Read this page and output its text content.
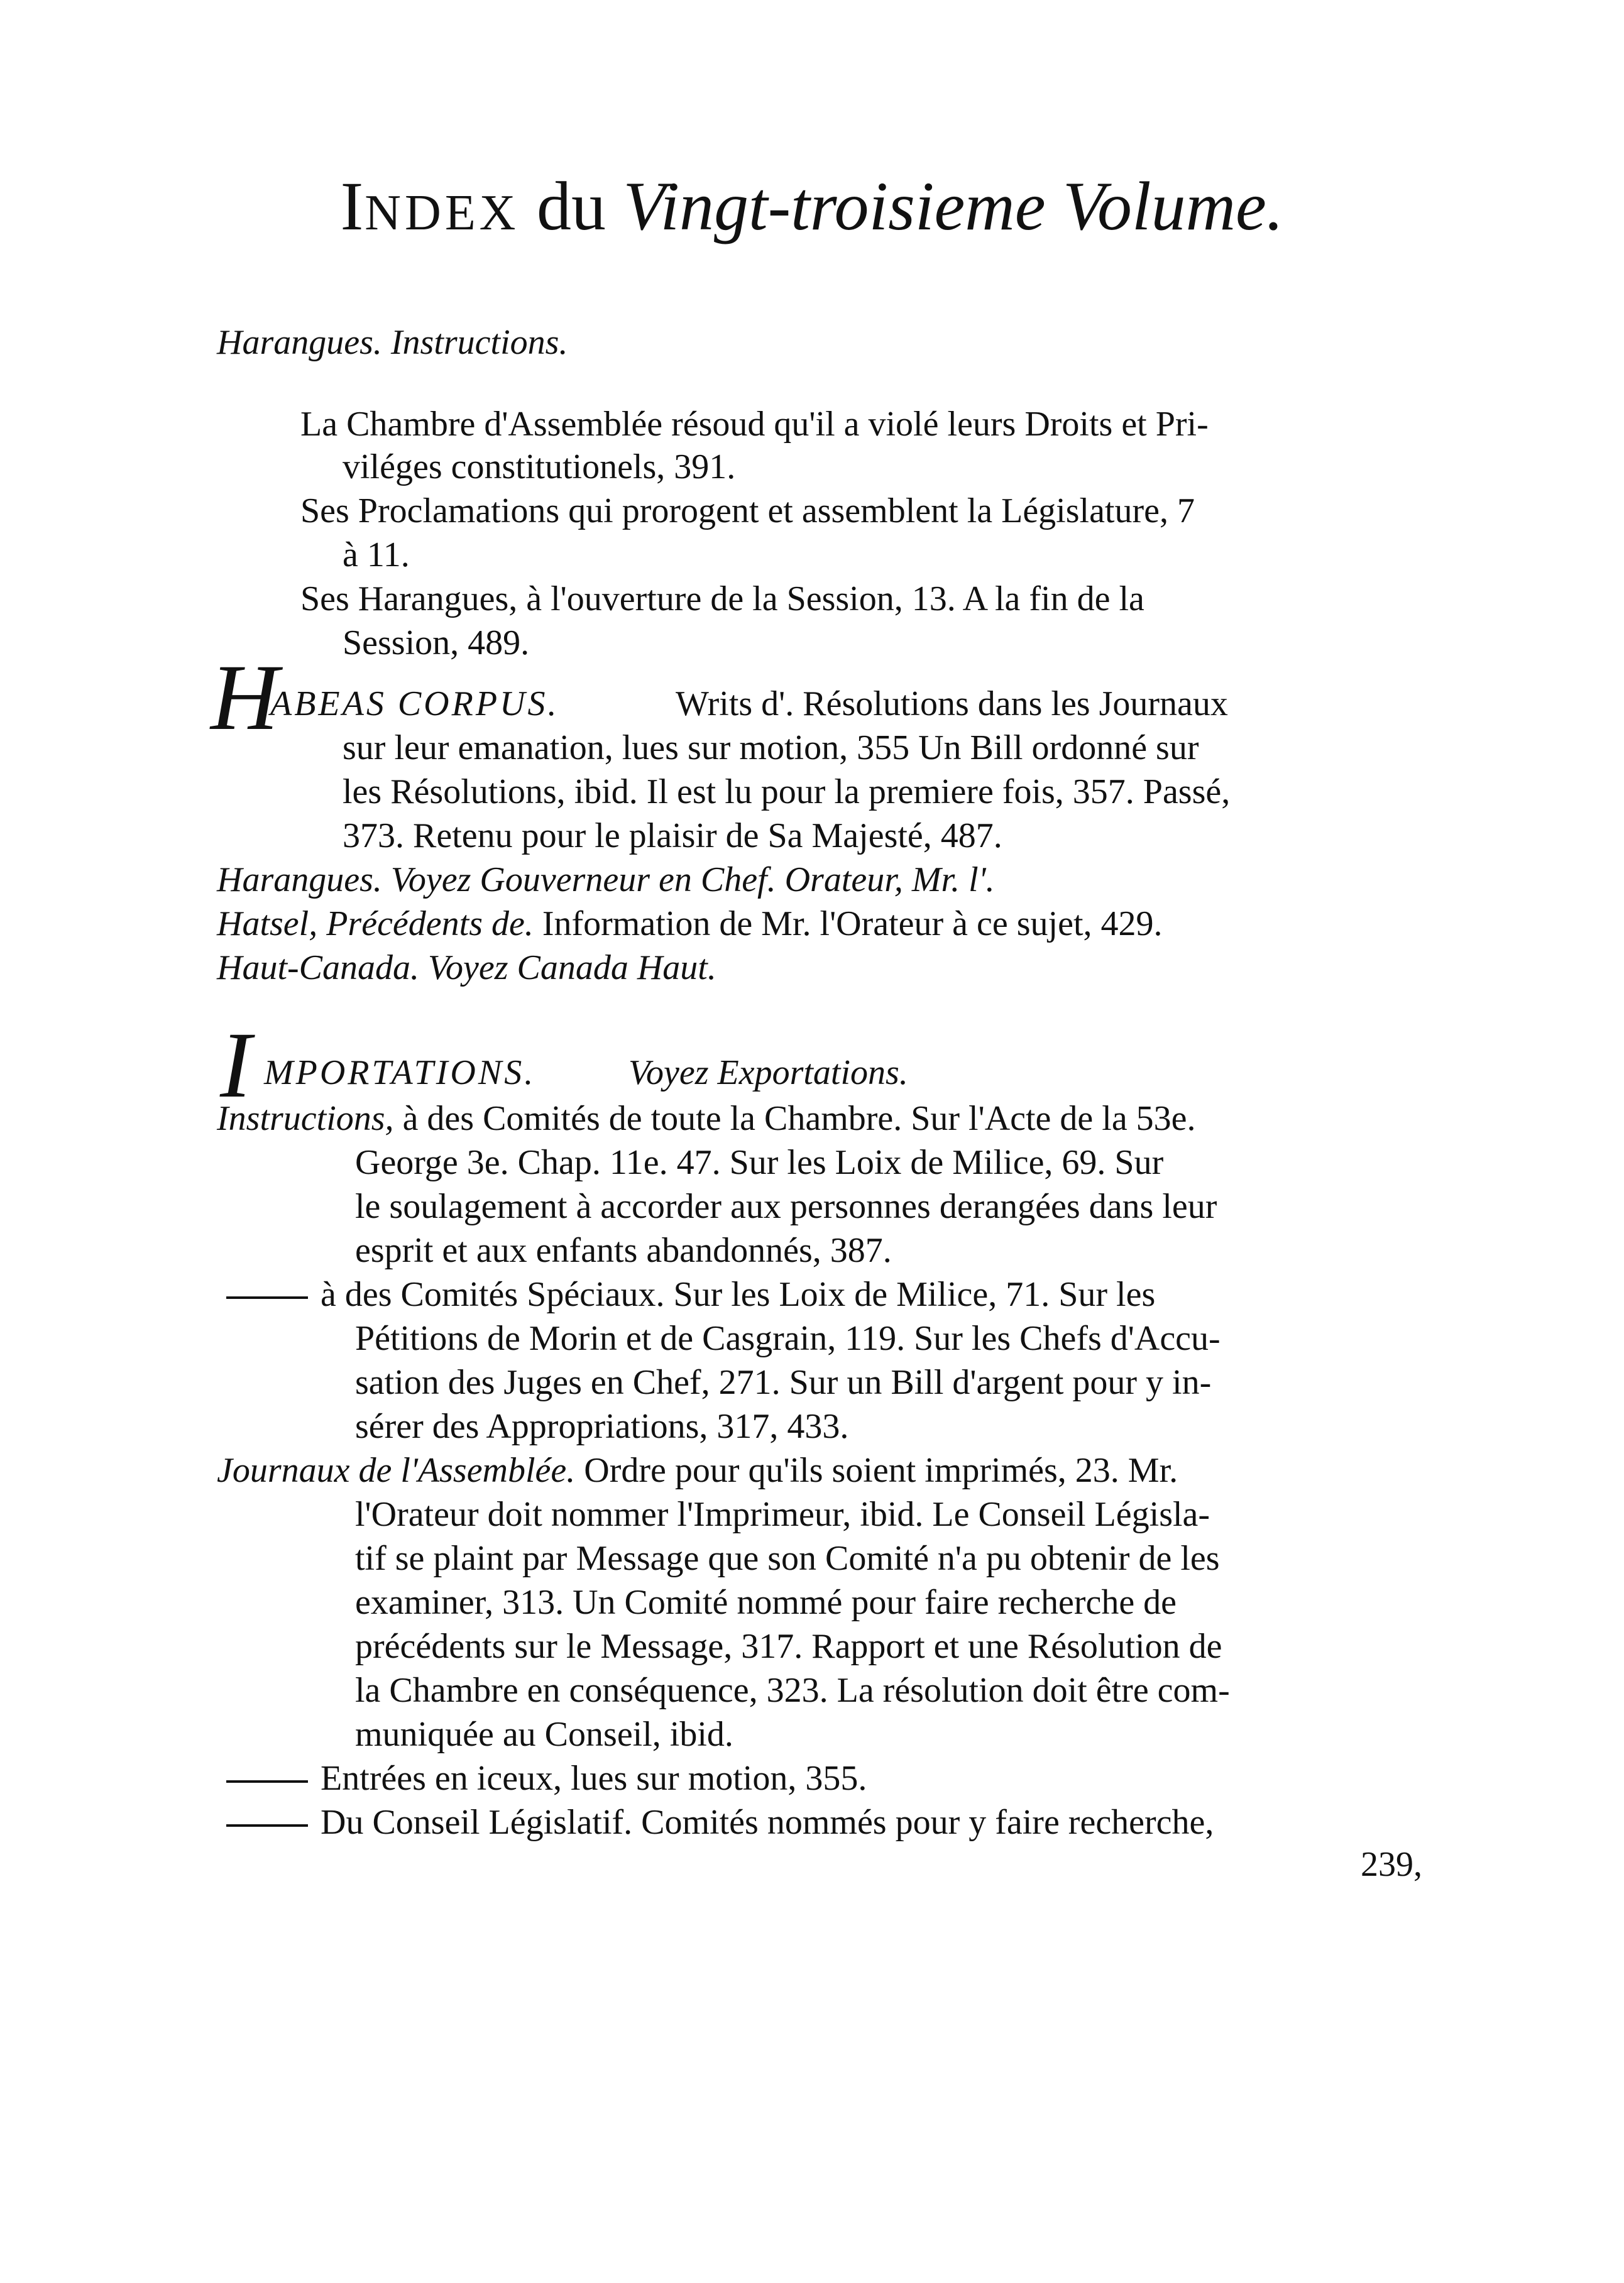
INDEX du Vingt-troisieme Volume.
Harangues. Instructions.
La Chambre d'Assemblée résoud qu'il a violé leurs Droits et Pri-
viléges constitutionels, 391.
Ses Proclamations qui prorogent et assemblent la Législature, 7
à 11.
Ses Harangues, à l'ouverture de la Session, 13. A la fin de la
Session, 489.
H
ABEAS CORPUS.	Writs d'. Résolutions dans les Journaux
sur leur emanation, lues sur motion, 355 Un Bill ordonné sur
les Résolutions, ibid. Il est lu pour la premiere fois, 357. Passé,
373. Retenu pour le plaisir de Sa Majesté, 487.
Harangues. Voyez Gouverneur en Chef. Orateur, Mr. l'.
Hatsel, Précédents de. Information de Mr. l'Orateur à ce sujet, 429.
Haut-Canada. Voyez Canada Haut.
I MPORTATIONS.	Voyez Exportations.
Instructions, à des Comités de toute la Chambre. Sur l'Acte de la 53e.
George 3e. Chap. 11e. 47. Sur les Loix de Milice, 69. Sur
le soulagement à accorder aux personnes derangées dans leur
esprit et aux enfants abandonnés, 387.
à des Comités Spéciaux. Sur les Loix de Milice, 71. Sur les
Pétitions de Morin et de Casgrain, 119. Sur les Chefs d'Accu-
sation des Juges en Chef, 271. Sur un Bill d'argent pour y in-
sérer des Appropriations, 317, 433.
Journaux de l'Assemblée. Ordre pour qu'ils soient imprimés, 23. Mr.
l'Orateur doit nommer l'Imprimeur, ibid. Le Conseil Législa-
tif se plaint par Message que son Comité n'a pu obtenir de les
examiner, 313. Un Comité nommé pour faire recherche de
précédents sur le Message, 317. Rapport et une Résolution de
la Chambre en conséquence, 323. La résolution doit être com-
muniquée au Conseil, ibid.
Entrées en iceux, lues sur motion, 355.
Du Conseil Législatif. Comités nommés pour y faire recherche,
239,
